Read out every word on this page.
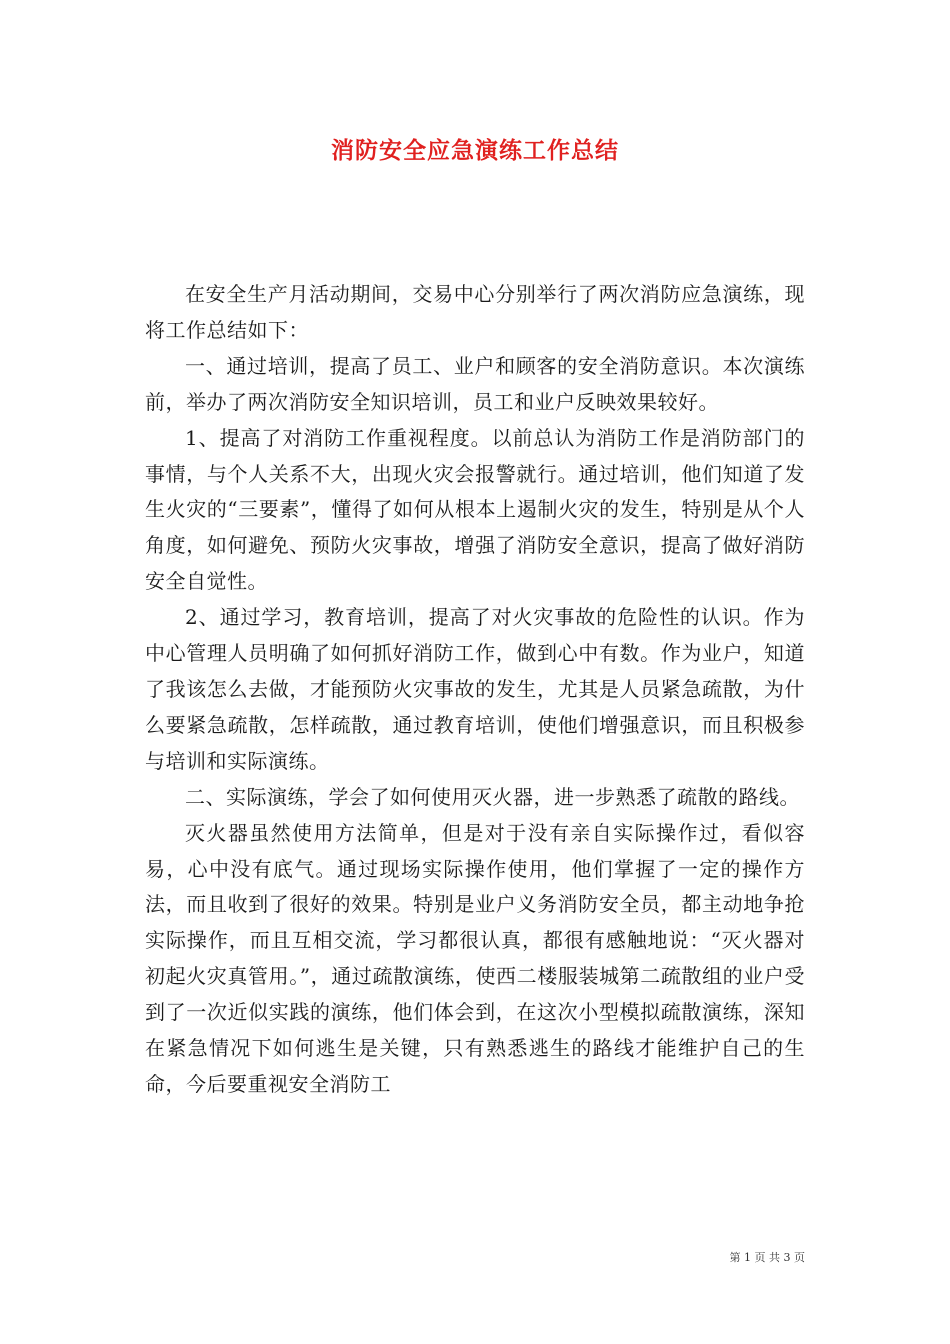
消防安全应急演练工作总结

在安全生产月活动期间，交易中心分别举行了两次消防应急演练，现将工作总结如下：

一、通过培训，提高了员工、业户和顾客的安全消防意识。本次演练前，举办了两次消防安全知识培训，员工和业户反映效果较好。

1、提高了对消防工作重视程度。以前总认为消防工作是消防部门的事情，与个人关系不大，出现火灾会报警就行。通过培训，他们知道了发生火灾的“三要素”，懂得了如何从根本上遏制火灾的发生，特别是从个人角度，如何避免、预防火灾事故，增强了消防安全意识，提高了做好消防安全自觉性。

2、通过学习，教育培训，提高了对火灾事故的危险性的认识。作为中心管理人员明确了如何抓好消防工作，做到心中有数。作为业户，知道了我该怎么去做，才能预防火灾事故的发生，尤其是人员紧急疏散，为什么要紧急疏散，怎样疏散，通过教育培训，使他们增强意识，而且积极参与培训和实际演练。

二、实际演练，学会了如何使用灭火器，进一步熟悉了疏散的路线。

灭火器虽然使用方法简单，但是对于没有亲自实际操作过，看似容易，心中没有底气。通过现场实际操作使用，他们掌握了一定的操作方法，而且收到了很好的效果。特别是业户义务消防安全员，都主动地争抢实际操作，而且互相交流，学习都很认真，都很有感触地说：“灭火器对初起火灾真管用。”，通过疏散演练，使西二楼服装城第二疏散组的业户受到了一次近似实践的演练，他们体会到，在这次小型模拟疏散演练，深知在紧急情况下如何逃生是关键，只有熟悉逃生的路线才能维护自己的生命，今后要重视安全消防工

第 1 页 共 3 页
